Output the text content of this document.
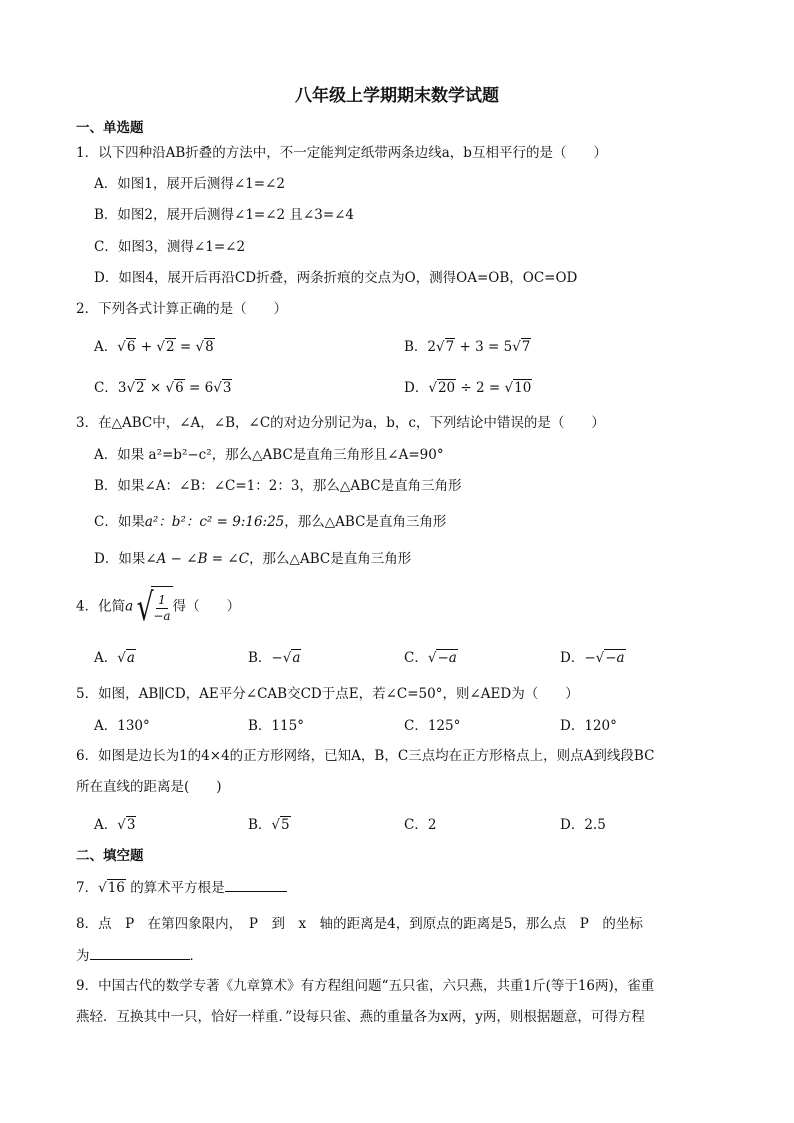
八年级上学期期末数学试题
一、单选题
1．以下四种沿AB折叠的方法中，不一定能判定纸带两条边线a，b互相平行的是（　　）
A．如图1，展开后测得∠1=∠2
B．如图2，展开后测得∠1=∠2 且∠3=∠4
C．如图3，测得∠1=∠2
D．如图4，展开后再沿CD折叠，两条折痕的交点为O，测得OA=OB，OC=OD
2．下列各式计算正确的是（　　）
A．√6 + √2 = √8	B．2√7 + 3 = 5√7
C．3√2 × √6 = 6√3	D．√20 ÷ 2 = √10
3．在△ABC中，∠A，∠B，∠C的对边分别记为a，b，c，下列结论中错误的是（　　）
A．如果 a²=b²−c²，那么△ABC是直角三角形且∠A=90°
B．如果∠A：∠B：∠C=1：2：3，那么△ABC是直角三角形
C．如果a²：b²：c² = 9:16:25，那么△ABC是直角三角形
D．如果∠A − ∠B = ∠C，那么△ABC是直角三角形
4．化简a √ $\frac{1}{-a}$ 得（　　）
A．√a	B．−√a	C．√−a	D．−√−a
5．如图，AB∥CD，AE平分∠CAB交CD于点E，若∠C=50°，则∠AED为（　　）
A．130°	B．115°	C．125°	D．120°
6．如图是边长为1的4×4的正方形网络，已知A，B，C三点均在正方形格点上，则点A到线段BC
所在直线的距离是(　　)
A．√3	B．√5	C．2	D．2.5
二、填空题
7．√16 的算术平方根是
8．点　P　在第四象限内，　P　到　x　轴的距离是4，到原点的距离是5，那么点　P　的坐标
为	．
9．中国古代的数学专著《九章算术》有方程组问题“五只雀，六只燕，共重1斤(等于16两)，雀重
燕轻．互换其中一只，恰好一样重．”设每只雀、燕的重量各为x两，y两，则根据题意，可得方程
